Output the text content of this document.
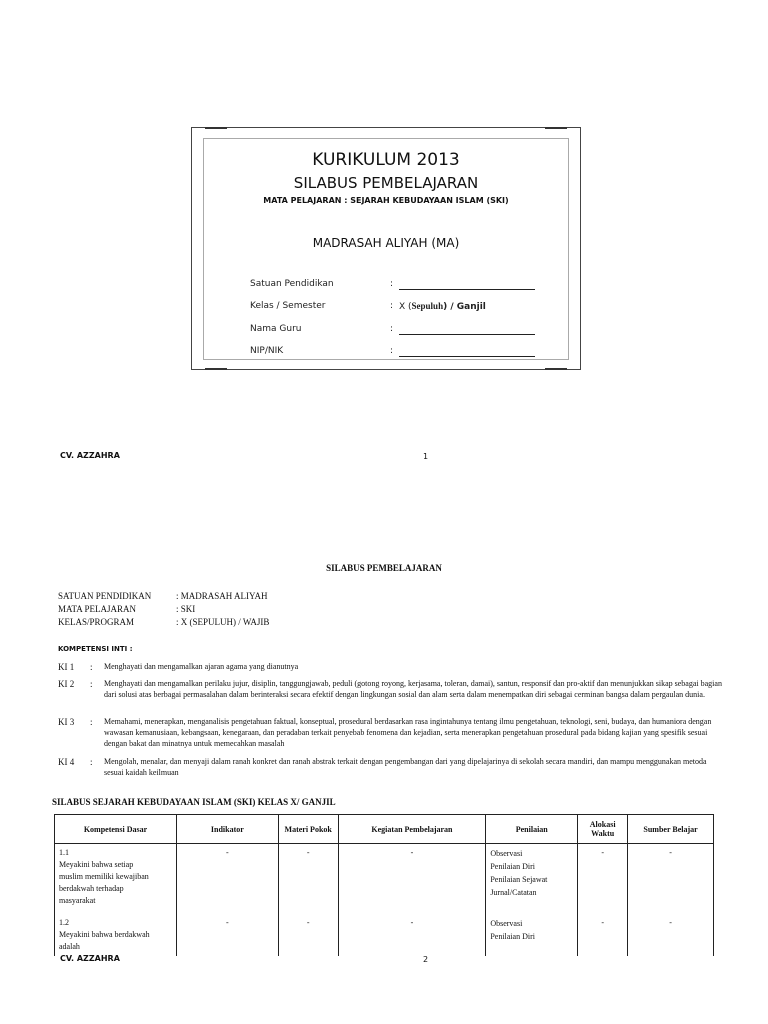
KURIKULUM 2013
SILABUS PEMBELAJARAN
MATA PELAJARAN : SEJARAH KEBUDAYAAN ISLAM (SKI)
MADRASAH ALIYAH (MA)
Satuan Pendidikan	:
Kelas / Semester	: X (Sepuluh) / Ganjil
Nama Guru	:
NIP/NIK	:
CV. AZZAHRA	1
SILABUS PEMBELAJARAN
SATUAN PENDIDIKAN	: MADRASAH ALIYAH
MATA PELAJARAN	: SKI
KELAS/PROGRAM	: X (SEPULUH) / WAJIB
KOMPETENSI INTI :
KI 1	: Menghayati dan mengamalkan ajaran agama yang dianutnya
KI 2	: Menghayati dan mengamalkan perilaku jujur, disiplin, tanggungjawab, peduli (gotong royong, kerjasama, toleran, damai), santun, responsif dan pro-aktif dan menunjukkan sikap sebagai bagian dari solusi atas berbagai permasalahan dalam berinteraksi secara efektif dengan lingkungan sosial dan alam serta dalam menempatkan diri sebagai cerminan bangsa dalam pergaulan dunia.
KI 3	: Memahami, menerapkan, menganalisis pengetahuan faktual, konseptual, prosedural berdasarkan rasa ingintahunya tentang ilmu pengetahuan, teknologi, seni, budaya, dan humaniora dengan wawasan kemanusiaan, kebangsaan, kenegaraan, dan peradaban terkait penyebab fenomena dan kejadian, serta menerapkan pengetahuan prosedural pada bidang kajian yang spesifik sesuai dengan bakat dan minatnya untuk memecahkan masalah
KI 4	: Mengolah, menalar, dan menyaji dalam ranah konkret dan ranah abstrak terkait dengan pengembangan dari yang dipelajarinya di sekolah secara mandiri, dan mampu menggunakan metoda sesuai kaidah keilmuan
SILABUS SEJARAH KEBUDAYAAN ISLAM (SKI) KELAS X/ GANJIL
Kompetensi Dasar	Indikator	Materi Pokok	Kegiatan Pembelajaran	Penilaian	Alokasi Waktu	Sumber Belajar
1.1Meyakini bahwa setiap muslim memiliki kewajiban berdakwah terhadap masyarakat	-	-	-	Observasi
Penilaian Diri
Penilaian Sejawat
Jurnal/Catatan	-	-
1.2Meyakini bahwa berdakwah adalah	-	-	-	Observasi
Penilaian Diri	-	-
CV. AZZAHRA	2
